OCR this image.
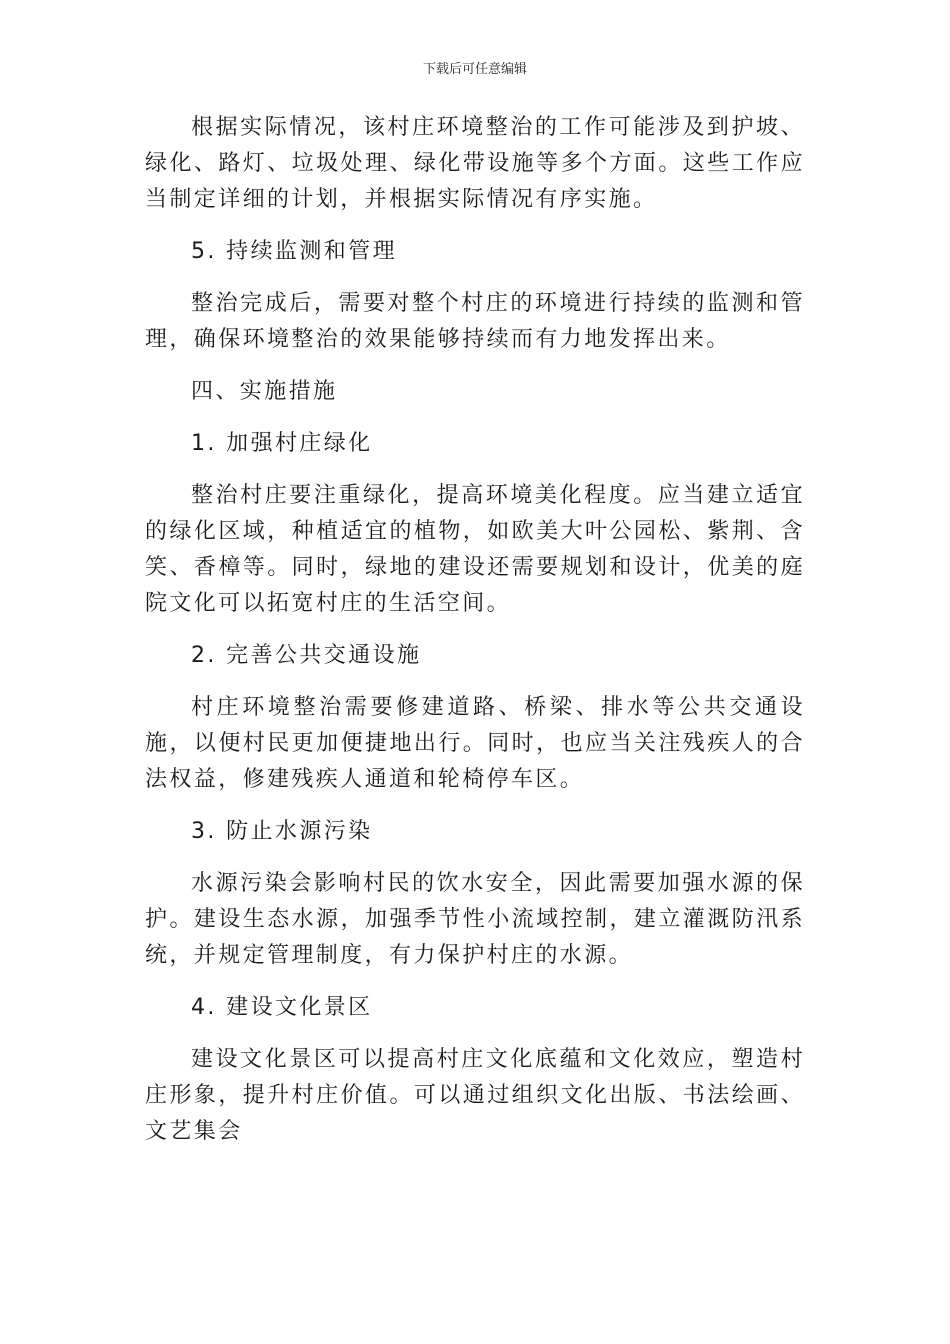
下载后可任意编辑

根据实际情况，该村庄环境整治的工作可能涉及到护坡、绿化、路灯、垃圾处理、绿化带设施等多个方面。这些工作应当制定详细的计划，并根据实际情况有序实施。

5. 持续监测和管理

整治完成后，需要对整个村庄的环境进行持续的监测和管理，确保环境整治的效果能够持续而有力地发挥出来。

四、实施措施

1. 加强村庄绿化

整治村庄要注重绿化，提高环境美化程度。应当建立适宜的绿化区域，种植适宜的植物，如欧美大叶公园松、紫荆、含笑、香樟等。同时，绿地的建设还需要规划和设计，优美的庭院文化可以拓宽村庄的生活空间。

2. 完善公共交通设施

村庄环境整治需要修建道路、桥梁、排水等公共交通设施，以便村民更加便捷地出行。同时，也应当关注残疾人的合法权益，修建残疾人通道和轮椅停车区。

3. 防止水源污染

水源污染会影响村民的饮水安全，因此需要加强水源的保护。建设生态水源，加强季节性小流域控制，建立灌溉防汛系统，并规定管理制度，有力保护村庄的水源。

4. 建设文化景区

建设文化景区可以提高村庄文化底蕴和文化效应，塑造村庄形象，提升村庄价值。可以通过组织文化出版、书法绘画、文艺集会
